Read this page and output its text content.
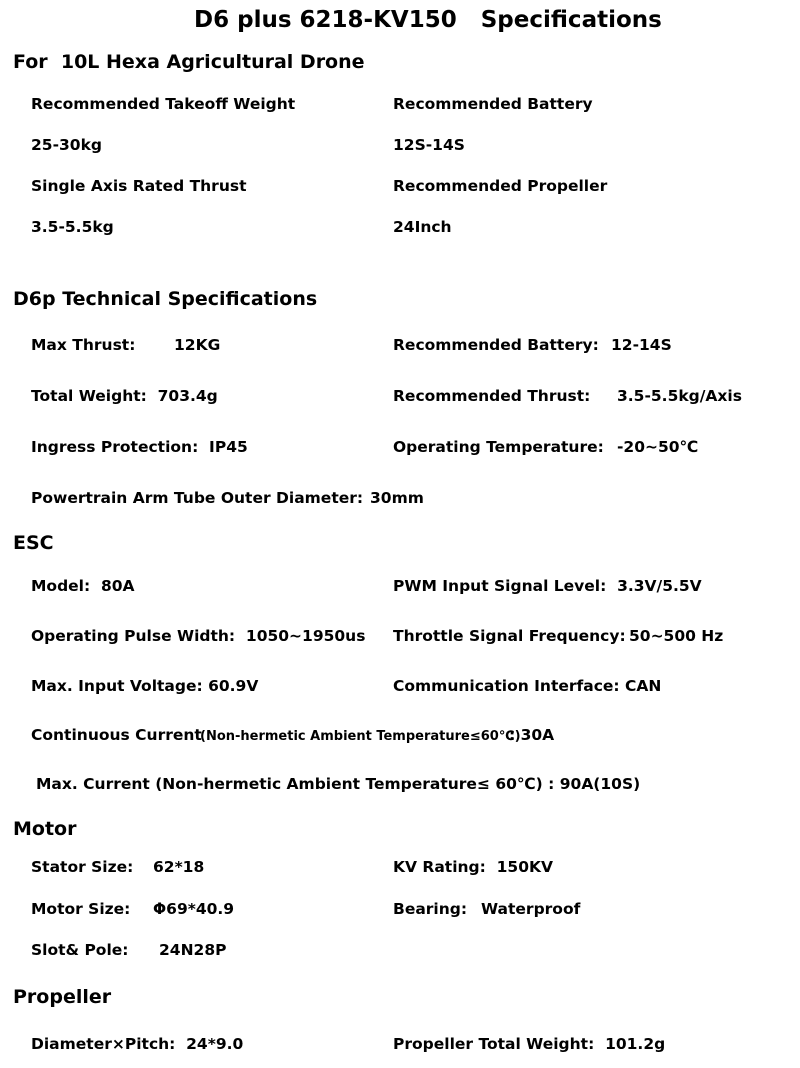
D6 plus 6218-KV150   Specifications
For  10L Hexa Agricultural Drone
Recommended Takeoff Weight	Recommended Battery
25-30kg	12S-14S
Single Axis Rated Thrust	Recommended Propeller
3.5-5.5kg	24Inch
D6p Technical Specifications
Max Thrust: 12KG	Recommended Battery: 12-14S
Total Weight:  703.4g	Recommended Thrust: 3.5-5.5kg/Axis
Ingress Protection:  IP45	Operating Temperature: -20~50℃
Powertrain Arm Tube Outer Diameter: 30mm
ESC
Model:  80A	PWM Input Signal Level:  3.3V/5.5V
Operating Pulse Width:  1050~1950us Throttle Signal Frequency: 50~500 Hz
Max. Input Voltage: 60.9V	Communication Interface: CAN
Continuous Current
(Non-hermetic Ambient Temperature≤60℃)
: 30A
Max. Current (Non-hermetic Ambient Temperature≤ 60℃) : 90A(10S)
Motor
Stator Size: 62*18	KV Rating:  150KV
Motor Size: Φ69*40.9	Bearing: Waterproof
Slot& Pole: 24N28P
Propeller
Diameter×Pitch:  24*9.0	Propeller Total Weight:  101.2g
